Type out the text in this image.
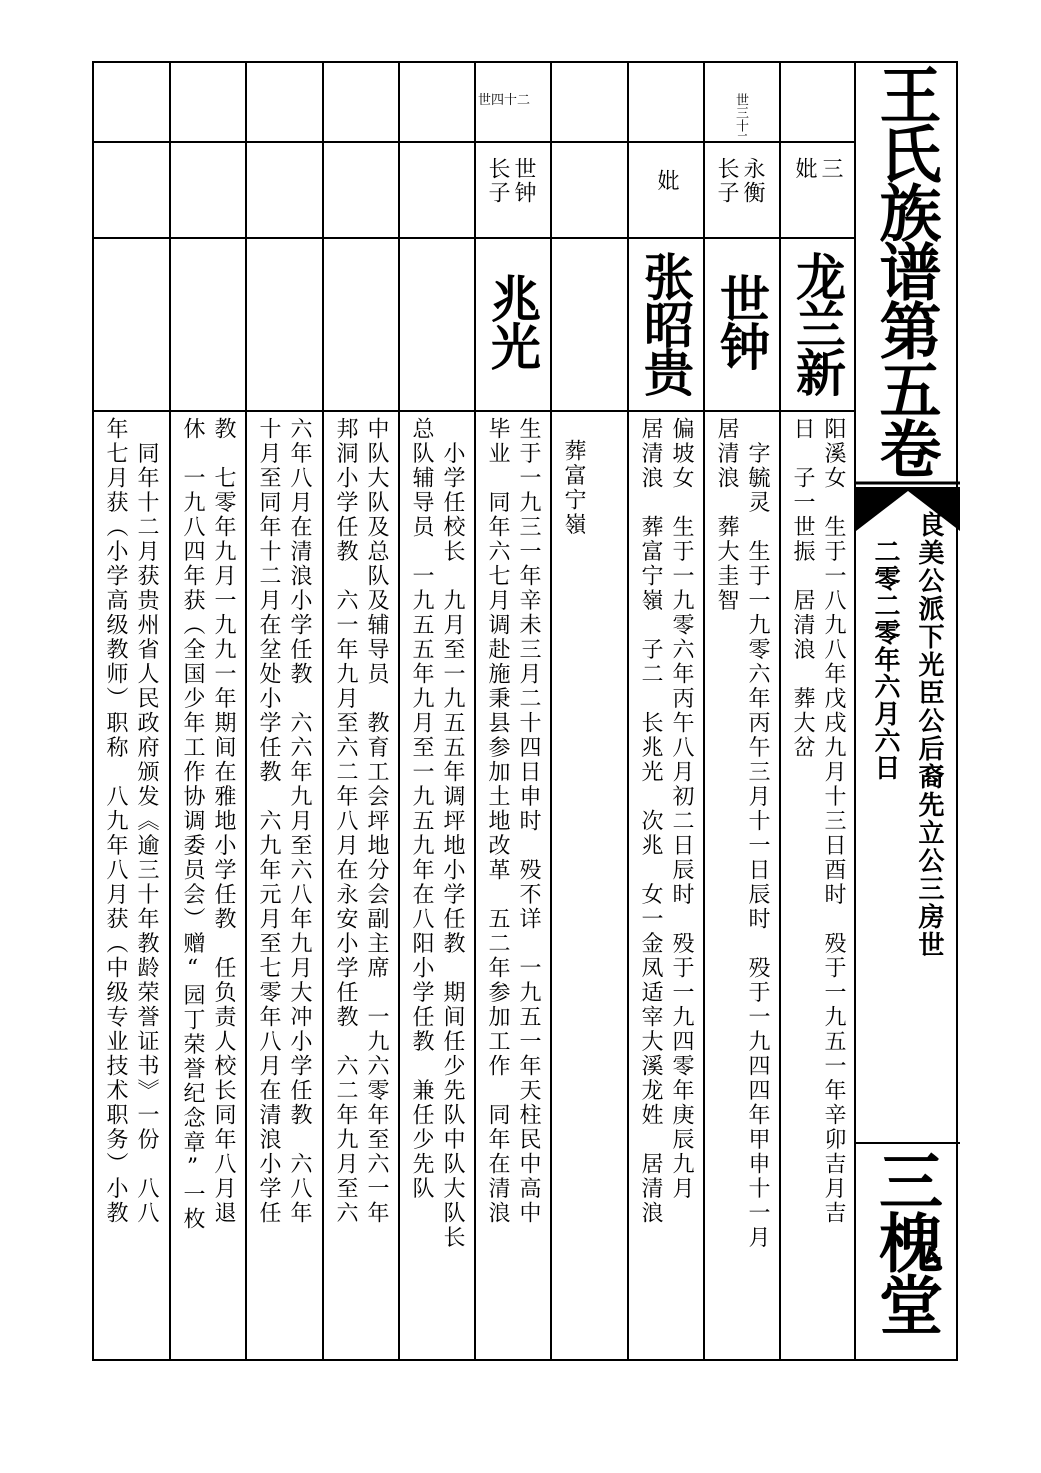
三
妣
龙兰新
阳溪女　生于一八九八年戊戌九月十三日酉时　殁于一九五一年辛卯吉月吉
日　子一世振　居清浪　葬大岔
世三十二
永衡
长子
世钟
　字毓灵　生于一九零六年丙午三月十一日辰时　殁于一九四四年甲申十一月
居清浪　葬大圭智
妣
张昭贵
偏坡女　生于一九零六年丙午八月初二日辰时　殁于一九四零年庚辰九月
居清浪　葬富宁嶺　子二　长兆光　次兆　女一金凤适宰大溪龙姓　居清浪

葬富宁嶺
世四十二
世钟
长子
兆光
生于一九三一年辛未三月二十四日申时　殁不详　一九五一年天柱民中高中
毕业　同年六七月调赴施秉县参加土地改革　五二年参加工作　同年在清浪
　小学任校长　九月至一九五五年调坪地小学任教　期间任少先队中队大队长
总队辅导员　一九五五年九月至一九五九年在八阳小学任教　兼任少先队
中队大队及总队及辅导员　教育工会坪地分会副主席　一九六零年至六一年
邦洞小学任教　六一年九月至六二年八月在永安小学任教　六二年九月至六
六年八月在清浪小学任教　六六年九月至六八年九月大冲小学任教　六八年
十月至同年十二月在坌处小学任教　六九年元月至七零年八月在清浪小学任
教　七零年九月一九九一年期间在雅地小学任教　任负责人校长同年八月退
休　一九八四年获（全国少年工作协调委员会）赠“园丁荣誉纪念章”一枚
　同年十二月获贵州省人民政府颁发《逾三十年教龄荣誉证书》一份　八八
年七月获（小学高级教师）职称　八九年八月获（中级专业技术职务）小教
王氏族谱第五卷
良美公派下光臣公后裔先立公三房世
二零二零年六月六日
三槐堂
